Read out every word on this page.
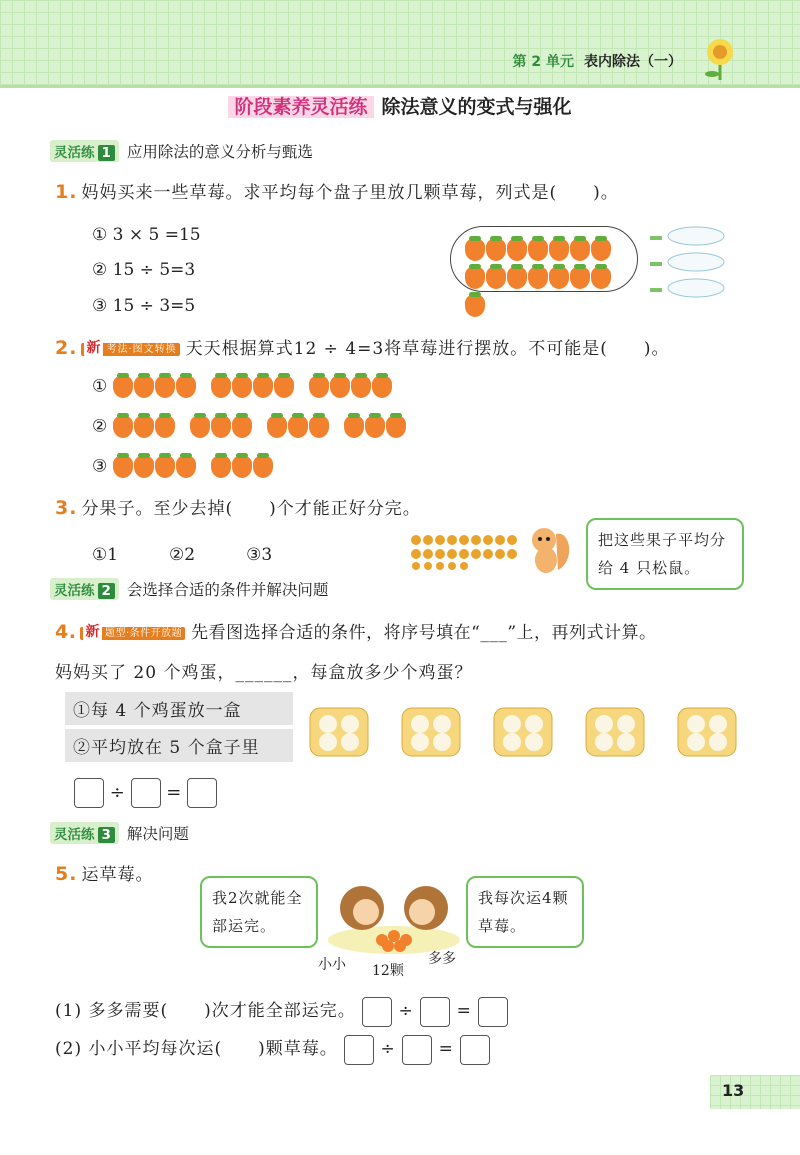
第 2 单元 表内除法（一）
阶段素养灵活练 除法意义的变式与强化
灵活练 1 应用除法的意义分析与甄选
1. 妈妈买来一些草莓。求平均每个盘子里放几颗草莓，列式是(　　)。
① 3 × 5 =15
② 15 ÷ 5=3
③ 15 ÷ 3=5
2. 新 考法·图文转换 天天根据算式12 ÷ 4=3将草莓进行摆放。不可能是(　　)。
①
②
③
3. 分果子。至少去掉(　　)个才能正好分完。
①1　　　②2　　　③3
把这些果子平均分给 4 只松鼠。
灵活练 2 会选择合适的条件并解决问题
4. 新 题型·条件开放题 先看图选择合适的条件，将序号填在“___”上，再列式计算。
妈妈买了 20 个鸡蛋，______，每盒放多少个鸡蛋？
①每 4 个鸡蛋放一盒
②平均放在 5 个盒子里
÷  =
灵活练 3 解决问题
5. 运草莓。
我2次就能全部运完。
我每次运4颗草莓。
小小 12颗
多多
(1) 多多需要(　　)次才能全部运完。  ÷  =
(2) 小小平均每次运(　　)颗草莓。  ÷  =
13
